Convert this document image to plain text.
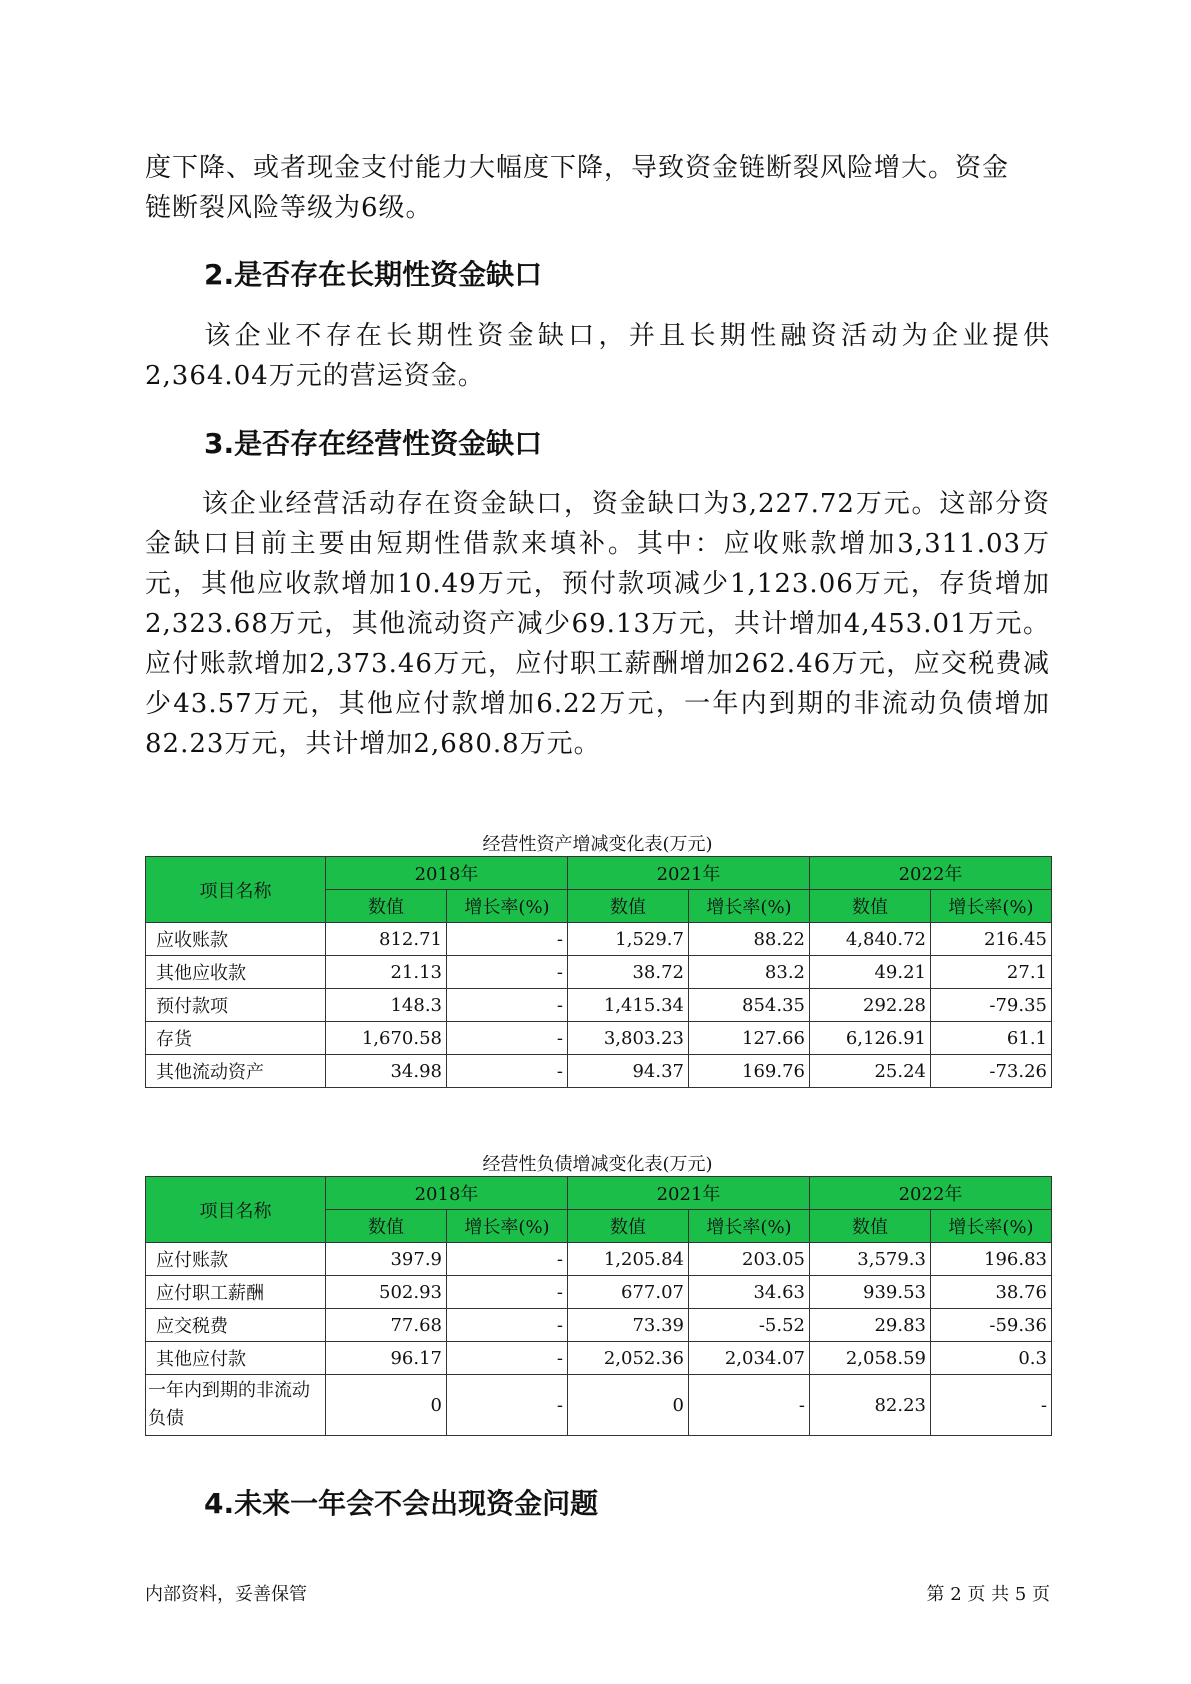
度下降、或者现金支付能力大幅度下降，导致资金链断裂风险增大。资金
链断裂风险等级为6级。
2.是否存在长期性资金缺口
该企业不存在长期性资金缺口，并且长期性融资活动为企业提供2,364.04万元的营运资金。
3.是否存在经营性资金缺口
该企业经营活动存在资金缺口，资金缺口为3,227.72万元。这部分资金缺口目前主要由短期性借款来填补。其中：应收账款增加3,311.03万元，其他应收款增加10.49万元，预付款项减少1,123.06万元，存货增加2,323.68万元，其他流动资产减少69.13万元，共计增加4,453.01万元。应付账款增加2,373.46万元，应付职工薪酬增加262.46万元，应交税费减少43.57万元，其他应付款增加6.22万元，一年内到期的非流动负债增加82.23万元，共计增加2,680.8万元。
经营性资产增减变化表(万元)
项目名称	2018年		2021年		2022年	
	数值	增长率(%)	数值	增长率(%)	数值	增长率(%)
应收账款	812.71	-	1,529.7	88.22	4,840.72	216.45
其他应收款	21.13	-	38.72	83.2	49.21	27.1
预付款项	148.3	-	1,415.34	854.35	292.28	-79.35
存货	1,670.58	-	3,803.23	127.66	6,126.91	61.1
其他流动资产	34.98	-	94.37	169.76	25.24	-73.26
经营性负债增减变化表(万元)
项目名称	2018年		2021年		2022年	
	数值	增长率(%)	数值	增长率(%)	数值	增长率(%)
应付账款	397.9	-	1,205.84	203.05	3,579.3	196.83
应付职工薪酬	502.93	-	677.07	34.63	939.53	38.76
应交税费	77.68	-	73.39	-5.52	29.83	-59.36
其他应付款	96.17	-	2,052.36	2,034.07	2,058.59	0.3
一年内到期的非流动负债	0	-	0	-	82.23	-
4.未来一年会不会出现资金问题
内部资料，妥善保管	第 2 页 共 5 页
